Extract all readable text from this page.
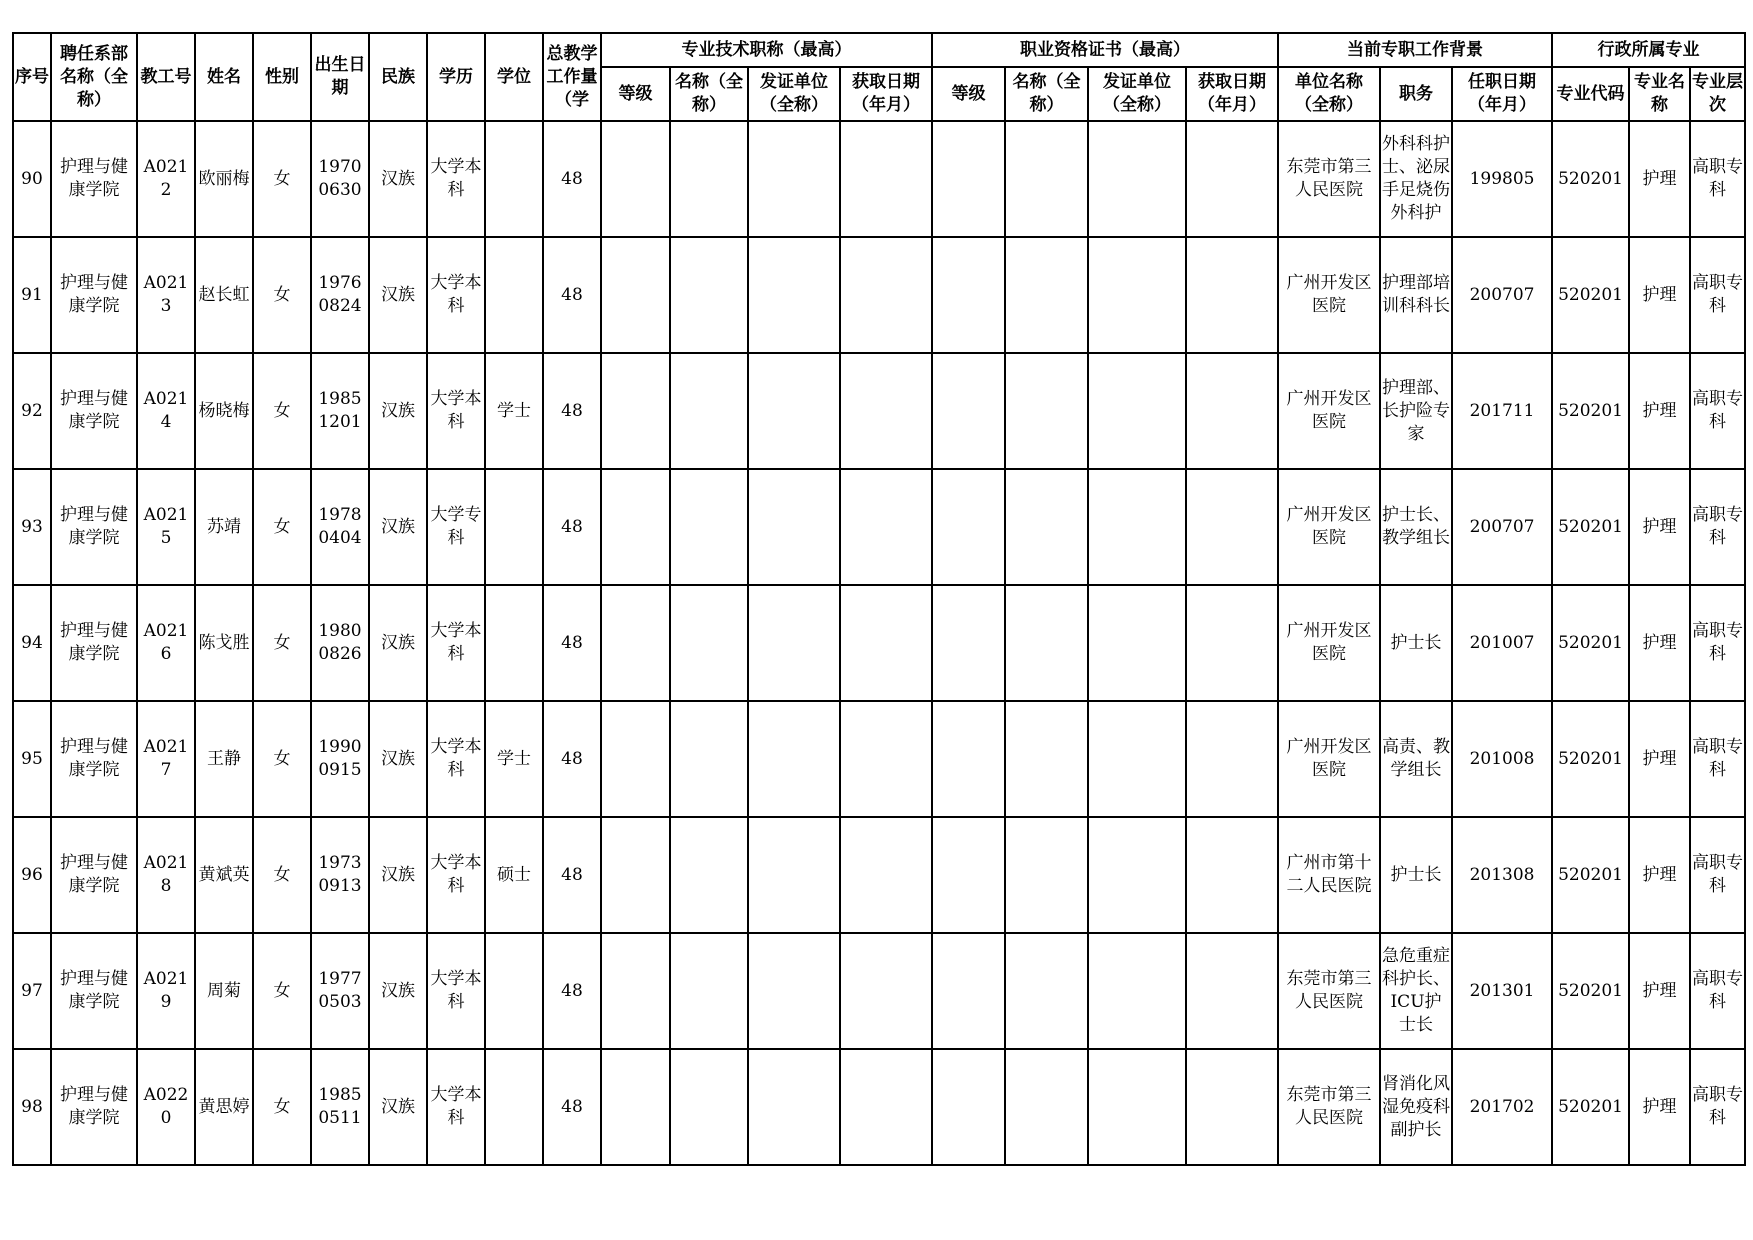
序号	聘任系部名称（全称）	教工号	姓名	性别	出生日期	民族	学历	学位	总教学工作量（学	专业技术职称（最高）				职业资格证书（最高）				当前专职工作背景			行政所属专业		
										等级	名称（全称）	发证单位（全称）	获取日期（年月）	等级	名称（全称）	发证单位（全称）	获取日期（年月）	单位名称（全称）	职务	任职日期（年月）	专业代码	专业名称	专业层次
90	护理与健康学院	A0212	欧丽梅	女	19700630	汉族	大学本科		48									东莞市第三人民医院	外科科护士、泌尿手足烧伤外科护	199805	520201	护理	高职专科
91	护理与健康学院	A0213	赵长虹	女	19760824	汉族	大学本科		48									广州开发区医院	护理部培训科科长	200707	520201	护理	高职专科
92	护理与健康学院	A0214	杨晓梅	女	19851201	汉族	大学本科	学士	48									广州开发区医院	护理部、长护险专家	201711	520201	护理	高职专科
93	护理与健康学院	A0215	苏靖	女	19780404	汉族	大学专科		48									广州开发区医院	护士长、教学组长	200707	520201	护理	高职专科
94	护理与健康学院	A0216	陈戈胜	女	19800826	汉族	大学本科		48									广州开发区医院	护士长	201007	520201	护理	高职专科
95	护理与健康学院	A0217	王静	女	19900915	汉族	大学本科	学士	48									广州开发区医院	高责、教学组长	201008	520201	护理	高职专科
96	护理与健康学院	A0218	黄斌英	女	19730913	汉族	大学本科	硕士	48									广州市第十二人民医院	护士长	201308	520201	护理	高职专科
97	护理与健康学院	A0219	周菊	女	19770503	汉族	大学本科		48									东莞市第三人民医院	急危重症科护长、ICU护士长	201301	520201	护理	高职专科
98	护理与健康学院	A0220	黄思婷	女	19850511	汉族	大学本科		48									东莞市第三人民医院	肾消化风湿免疫科副护长	201702	520201	护理	高职专科
